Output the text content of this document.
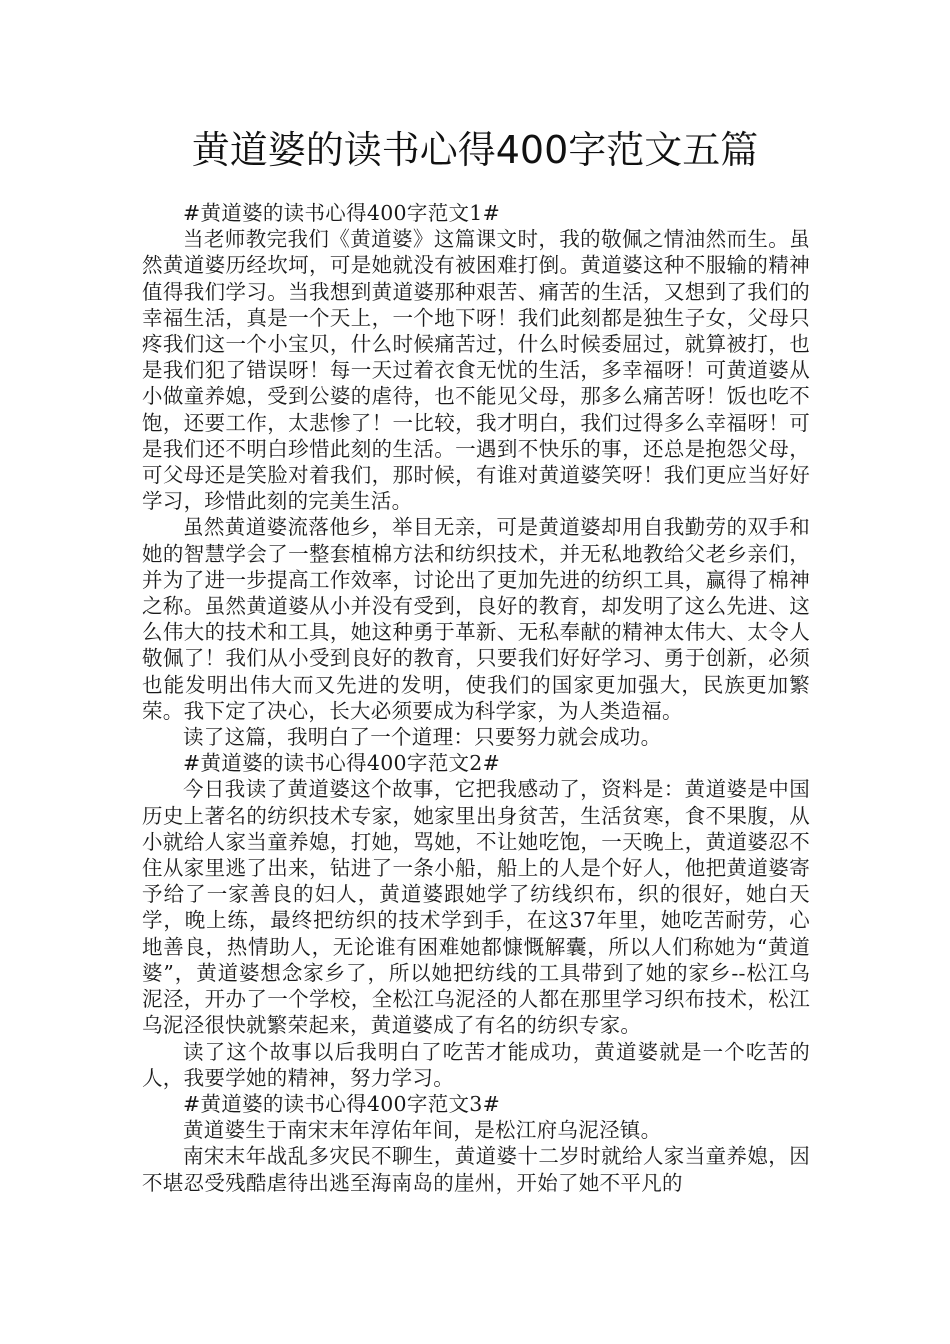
黄道婆的读书心得400字范文五篇

#黄道婆的读书心得400字范文1#

当老师教完我们《黄道婆》这篇课文时，我的敬佩之情油然而生。虽然黄道婆历经坎坷，可是她就没有被困难打倒。黄道婆这种不服输的精神值得我们学习。当我想到黄道婆那种艰苦、痛苦的生活，又想到了我们的幸福生活，真是一个天上，一个地下呀！我们此刻都是独生子女，父母只疼我们这一个小宝贝，什么时候痛苦过，什么时候委屈过，就算被打，也是我们犯了错误呀！每一天过着衣食无忧的生活，多幸福呀！可黄道婆从小做童养媳，受到公婆的虐待，也不能见父母，那多么痛苦呀！饭也吃不饱，还要工作，太悲惨了！一比较，我才明白，我们过得多么幸福呀！可是我们还不明白珍惜此刻的生活。一遇到不快乐的事，还总是抱怨父母，可父母还是笑脸对着我们，那时候，有谁对黄道婆笑呀！我们更应当好好学习，珍惜此刻的完美生活。

虽然黄道婆流落他乡，举目无亲，可是黄道婆却用自我勤劳的双手和她的智慧学会了一整套植棉方法和纺织技术，并无私地教给父老乡亲们，并为了进一步提高工作效率，讨论出了更加先进的纺织工具，赢得了棉神之称。虽然黄道婆从小并没有受到，良好的教育，却发明了这么先进、这么伟大的技术和工具，她这种勇于革新、无私奉献的精神太伟大、太令人敬佩了！我们从小受到良好的教育，只要我们好好学习、勇于创新，必须也能发明出伟大而又先进的发明，使我们的国家更加强大，民族更加繁荣。我下定了决心，长大必须要成为科学家，为人类造福。

读了这篇，我明白了一个道理：只要努力就会成功。

#黄道婆的读书心得400字范文2#

今日我读了黄道婆这个故事，它把我感动了，资料是：黄道婆是中国历史上著名的纺织技术专家，她家里出身贫苦，生活贫寒，食不果腹，从小就给人家当童养媳，打她，骂她，不让她吃饱，一天晚上，黄道婆忍不住从家里逃了出来，钻进了一条小船，船上的人是个好人，他把黄道婆寄予给了一家善良的妇人，黄道婆跟她学了纺线织布，织的很好，她白天学，晚上练，最终把纺织的技术学到手，在这37年里，她吃苦耐劳，心地善良，热情助人，无论谁有困难她都慷慨解囊，所以人们称她为“黄道婆”，黄道婆想念家乡了，所以她把纺线的工具带到了她的家乡--松江乌泥泾，开办了一个学校，全松江乌泥泾的人都在那里学习织布技术，松江乌泥泾很快就繁荣起来，黄道婆成了有名的纺织专家。

读了这个故事以后我明白了吃苦才能成功，黄道婆就是一个吃苦的人，我要学她的精神，努力学习。

#黄道婆的读书心得400字范文3#

黄道婆生于南宋末年淳佑年间，是松江府乌泥泾镇。

南宋末年战乱多灾民不聊生，黄道婆十二岁时就给人家当童养媳，因不堪忍受残酷虐待出逃至海南岛的崖州，开始了她不平凡的
